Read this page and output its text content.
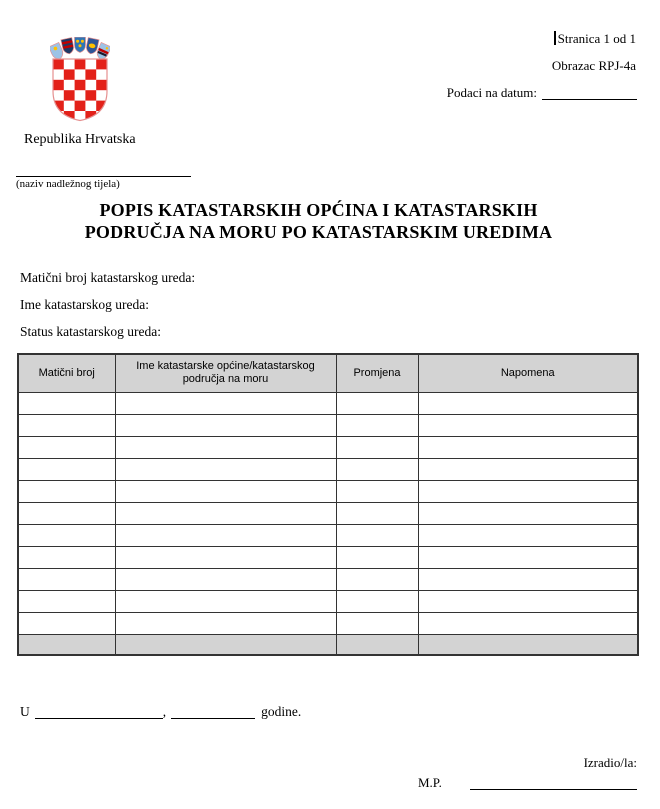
Stranica 1 od 1
Obrazac RPJ-4a
Podaci na datum:
Republika Hrvatska
(naziv nadležnog tijela)
POPIS KATASTARSKIH OPĆINA I KATASTARSKIH
PODRUČJA NA MORU PO KATASTARSKIM UREDIMA
Matični broj katastarskog ureda:
Ime katastarskog ureda:
Status katastarskog ureda:
Matični broj	Ime katastarske općine/katastarskog područja na moru	Promjena	Napomena

U	,	godine.
Izradio/la:
M.P.
